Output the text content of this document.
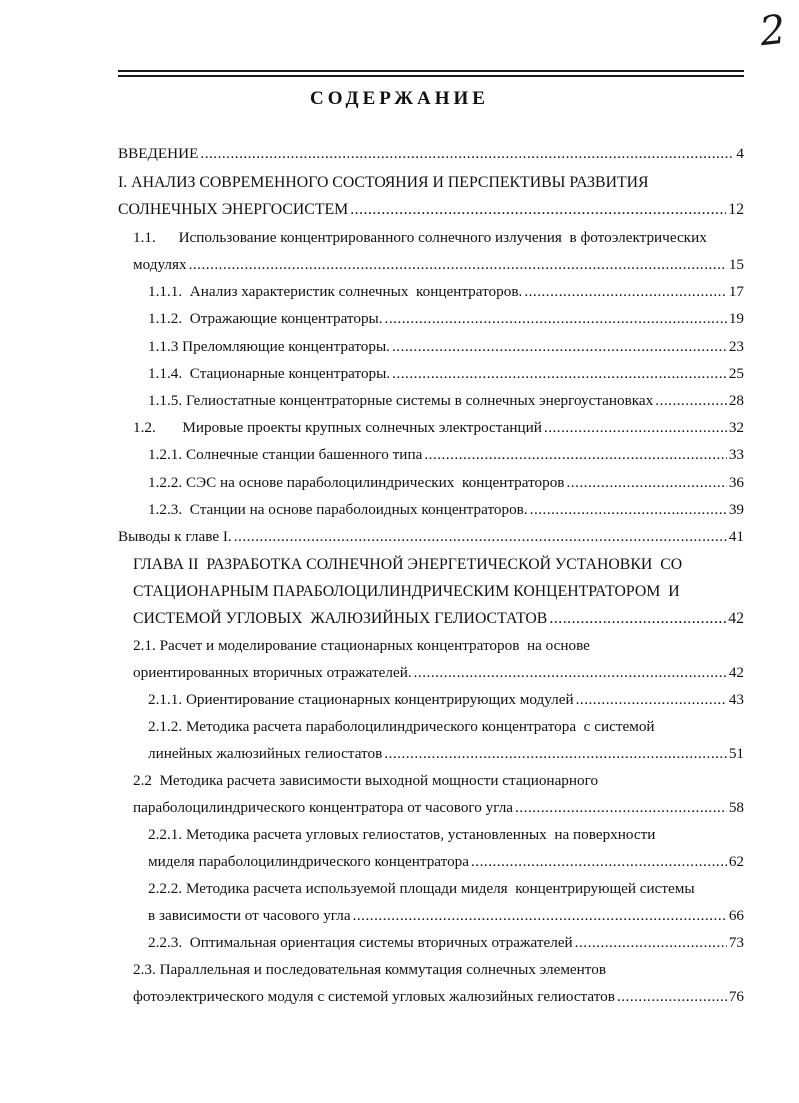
2
СОДЕРЖАНИЕ
ВВЕДЕНИЕ .....	4
I. АНАЛИЗ СОВРЕМЕННОГО СОСТОЯНИЯ И ПЕРСПЕКТИВЫ РАЗВИТИЯ
СОЛНЕЧНЫХ ЭНЕРГОСИСТЕМ .....	12
1.1.      Использование концентрированного солнечного излучения  в фотоэлектрических
модулях .....	15
1.1.1.  Анализ характеристик солнечных  концентраторов. .....	17
1.1.2.  Отражающие концентраторы. .....	19
1.1.3 Преломляющие концентраторы. .....	23
1.1.4.  Стационарные концентраторы. .....	25
1.1.5. Гелиостатные концентраторные системы в солнечных энергоустановках .....	28
1.2.       Мировые проекты крупных солнечных электростанций .....	32
1.2.1. Солнечные станции башенного типа .....	33
1.2.2. СЭС на основе параболоцилиндрических  концентраторов .....	36
1.2.3.  Станции на основе параболоидных концентраторов. .....	39
Выводы к главе I. .....	41
ГЛАВА II  РАЗРАБОТКА СОЛНЕЧНОЙ ЭНЕРГЕТИЧЕСКОЙ УСТАНОВКИ  СО
СТАЦИОНАРНЫМ ПАРАБОЛОЦИЛИНДРИЧЕСКИМ КОНЦЕНТРАТОРОМ  И
СИСТЕМОЙ УГЛОВЫХ  ЖАЛЮЗИЙНЫХ ГЕЛИОСТАТОВ .....	42
2.1. Расчет и моделирование стационарных концентраторов  на основе
ориентированных вторичных отражателей. .....	42
2.1.1. Ориентирование стационарных концентрирующих модулей .....	43
2.1.2. Методика расчета параболоцилиндрического концентратора  с системой
линейных жалюзийных гелиостатов .....	51
2.2  Методика расчета зависимости выходной мощности стационарного
параболоцилиндрического концентратора от часового угла .....	58
2.2.1. Методика расчета угловых гелиостатов, установленных  на поверхности
миделя параболоцилиндрического концентратора .....	62
2.2.2. Методика расчета используемой площади миделя  концентрирующей системы
в зависимости от часового угла .....	66
2.2.3.  Оптимальная ориентация системы вторичных отражателей .....	73
2.3. Параллельная и последовательная коммутация солнечных элементов
фотоэлектрического модуля с системой угловых жалюзийных гелиостатов .....	76
